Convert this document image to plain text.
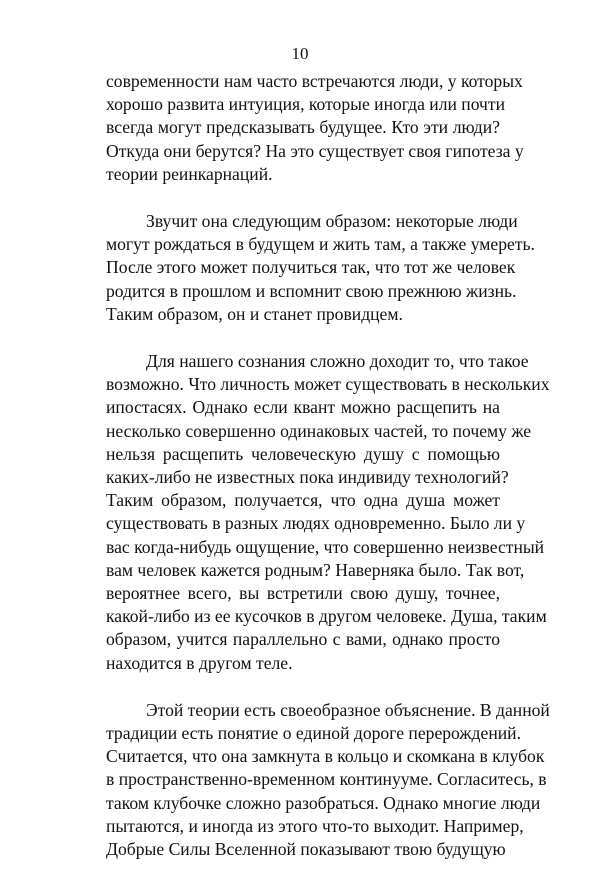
10

современности нам часто встречаются люди, у которых
хорошо развита интуиция, которые иногда или почти
всегда могут предсказывать будущее. Кто эти люди?
Откуда они берутся? На это существует своя гипотеза у
теории реинкарнаций.

Звучит она следующим образом: некоторые люди
могут рождаться в будущем и жить там, а также умереть.
После этого может получиться так, что тот же человек
родится в прошлом и вспомнит свою прежнюю жизнь.
Таким образом, он и станет провидцем.

Для нашего сознания сложно доходит то, что такое
возможно. Что личность может существовать в нескольких
ипостасях. Однако если квант можно расщепить на
несколько совершенно одинаковых частей, то почему же
нельзя расщепить человеческую душу с помощью
каких-либо не известных пока индивиду технологий?
Таким образом, получается, что одна душа может
существовать в разных людях одновременно. Было ли у
вас когда-нибудь ощущение, что совершенно неизвестный
вам человек кажется родным? Наверняка было. Так вот,
вероятнее всего, вы встретили свою душу, точнее,
какой-либо из ее кусочков в другом человеке. Душа, таким
образом, учится параллельно с вами, однако просто
находится в другом теле.

Этой теории есть своеобразное объяснение. В данной
традиции есть понятие о единой дороге перерождений.
Считается, что она замкнута в кольцо и скомкана в клубок
в пространственно-временном континууме. Согласитесь, в
таком клубочке сложно разобраться. Однако многие люди
пытаются, и иногда из этого что-то выходит. Например,
Добрые Силы Вселенной показывают твою будущую
